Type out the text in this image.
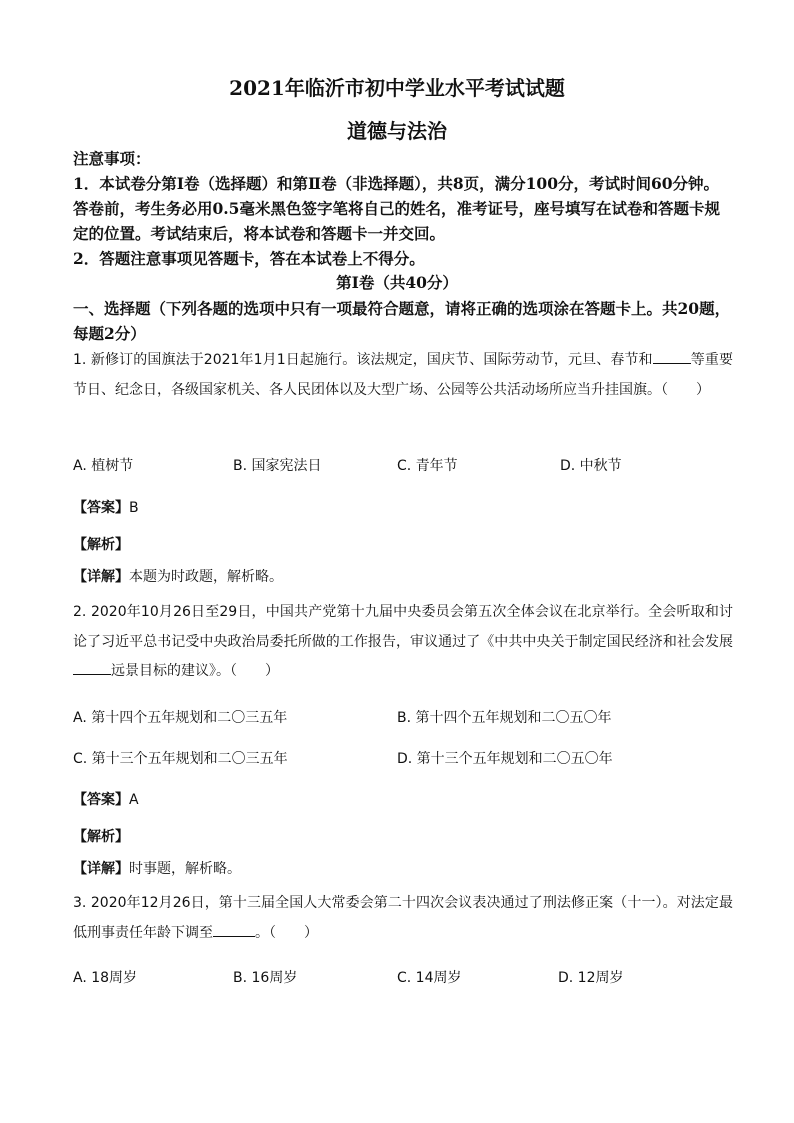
2021年临沂市初中学业水平考试试题
道德与法治
注意事项：
1．本试卷分第Ⅰ卷（选择题）和第Ⅱ卷（非选择题），共8页，满分100分，考试时间60分钟。答卷前，考生务必用0.5毫米黑色签字笔将自己的姓名，准考证号，座号填写在试卷和答题卡规定的位置。考试结束后，将本试卷和答题卡一并交回。
2．答题注意事项见答题卡，答在本试卷上不得分。
第Ⅰ卷（共40分）
一、选择题（下列各题的选项中只有一项最符合题意，请将正确的选项涂在答题卡上。共20题，每题2分）
1. 新修订的国旗法于2021年1月1日起施行。该法规定，国庆节、国际劳动节，元旦、春节和	等重要节日、纪念日，各级国家机关、各人民团体以及大型广场、公园等公共活动场所应当升挂国旗。（　　）
A. 植树节	B. 国家宪法日	C. 青年节	D. 中秋节
【答案】B
【解析】
【详解】本题为时政题，解析略。
2. 2020年10月26日至29日，中国共产党第十九届中央委员会第五次全体会议在北京举行。全会听取和讨论了习近平总书记受中央政治局委托所做的工作报告，审议通过了《中共中央关于制定国民经济和社会发展远景目标的建议》。（　　）
A. 第十四个五年规划和二〇三五年	B. 第十四个五年规划和二〇五〇年
C. 第十三个五年规划和二〇三五年	D. 第十三个五年规划和二〇五〇年
【答案】A
【解析】
【详解】时事题，解析略。
3. 2020年12月26日，第十三届全国人大常委会第二十四次会议表决通过了刑法修正案（十一）。对法定最低刑事责任年龄下调至	。（　　）
A. 18周岁	B. 16周岁	C. 14周岁	D. 12周岁
